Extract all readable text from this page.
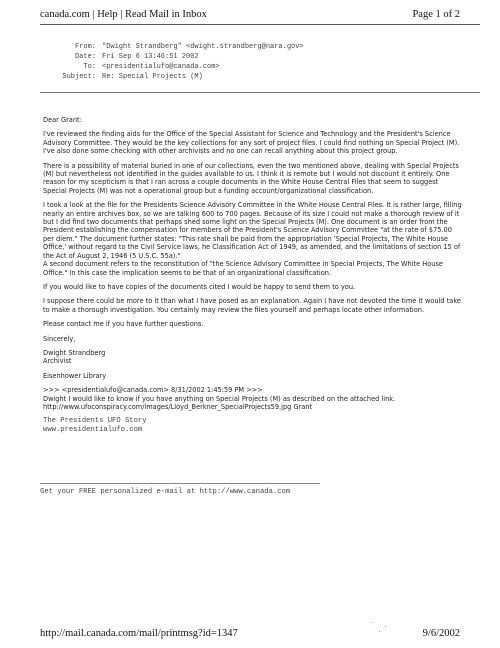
canada.com | Help | Read Mail in Inbox	Page 1 of 2
From: "Dwight Strandberg" <dwight.strandberg@nara.gov>
Date: Fri Sep 6 13:46:51 2002
To: <presidentialufo@canada.com>
Subject: Re: Special Projects (M)

Dear Grant:

I've reviewed the finding aids for the Office of the Special Assistant for Science and Technology and the President's Science Advisory Committee. They would be the key collections for any sort of project files. I could find nothing on Special Project (M). I've also done some checking with other archivists and no one can recall anything about this project group.

There is a possibility of material buried in one of our collections, even the two mentioned above, dealing with Special Projects (M) but nevertheless not identified in the guides available to us. I think it is remote but I would not discount it entirely. One reason for my scepticism is that I ran across a couple documents in the White House Central Files that seem to suggest Special Projects (M) was not a operational group but a funding account/organizational classification.

I took a look at the file for the Presidents Science Advisory Committee in the White House Central Files. It is rather large, filling nearly an entire archives box, so we are talking 600 to 700 pages. Because of its size I could not make a thorough review of it but I did find two documents that perhaps shed some light on the Special Projects (M). One document is an order from the President establishing the compensation for members of the President's Science Advisory Committee "at the rate of $75.00 per diem." The document further states: "This rate shall be paid from the appropriation 'Special Projects, The White House Office,' without regard to the Civil Service laws, he Classification Act of 1949, as amended, and the limitations of section 15 of the Act of August 2, 1946 (5 U.S.C. 55a)."

A second document refers to the reconstitution of "the Science Advisory Committee in Special Projects, The White House Office." In this case the implication seems to be that of an organizational classification.

If you would like to have copies of the documents cited I would be happy to send them to you.

I suppose there could be more to it than what I have posed as an explanation. Again I have not devoted the time it would take to make a thorough investigation. You certainly may review the files yourself and perhaps locate other information.

Please contact me if you have further questions.

Sincerely,

Dwight Strandberg

Archivist

Eisenhower Library

>>> <presidentialufo@canada.com> 8/31/2002 1:45:59 PM >>>
Dwight I would like to know if you have anything on Special Projects (M) as described on the attached link.
http://www.ufoconspiracy.com/images/Lloyd_Berkner_SpecialProjects59.jpg Grant
The Presidents UFO Story
www.presidentialufo.com
Get your FREE personalized e-mail at http://www.canada.com
http://mail.canada.com/mail/printmsg?id=1347	9/6/2002
